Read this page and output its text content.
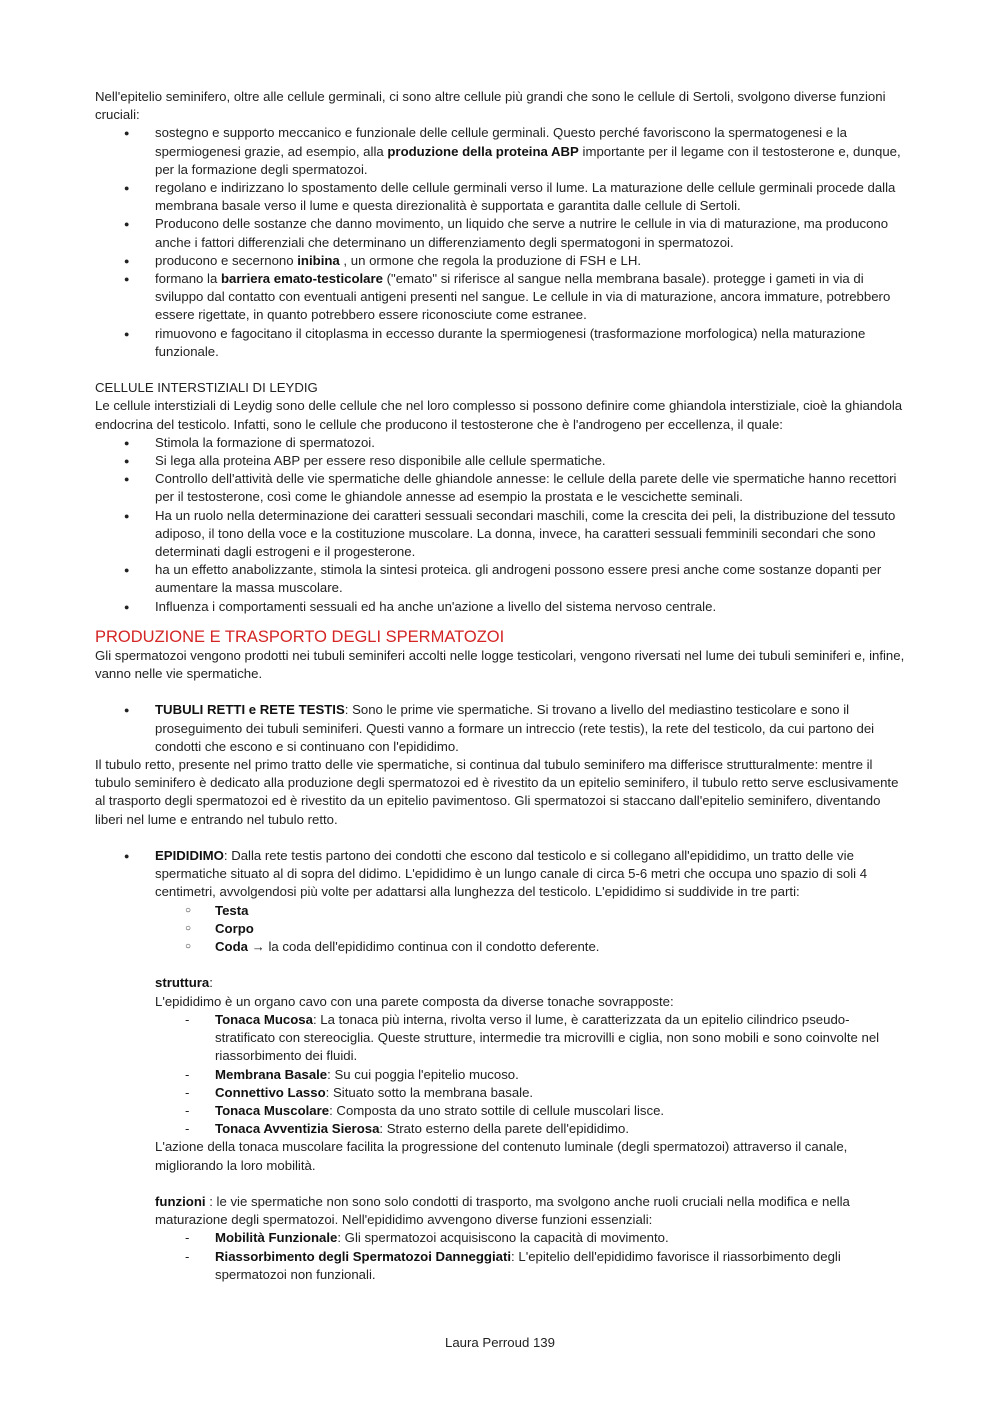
Nell'epitelio seminifero, oltre alle cellule germinali, ci sono altre cellule più grandi che sono le cellule di Sertoli, svolgono diverse funzioni cruciali:

● sostegno e supporto meccanico e funzionale delle cellule germinali. Questo perché favoriscono la spermatogenesi e la spermiogenesi grazie, ad esempio, alla produzione della proteina ABP importante per il legame con il testosterone e, dunque, per la formazione degli spermatozoi.
● regolano e indirizzano lo spostamento delle cellule germinali verso il lume. La maturazione delle cellule germinali procede dalla membrana basale verso il lume e questa direzionalità è supportata e garantita dalle cellule di Sertoli.
● Producono delle sostanze che danno movimento, un liquido che serve a nutrire le cellule in via di maturazione, ma producono anche i fattori differenziali che determinano un differenziamento degli spermatogoni in spermatozoi.
● producono e secernono inibina , un ormone che regola la produzione di FSH e LH.
● formano la barriera emato-testicolare ("emato" si riferisce al sangue nella membrana basale). protegge i gameti in via di sviluppo dal contatto con eventuali antigeni presenti nel sangue. Le cellule in via di maturazione, ancora immature, potrebbero essere rigettate, in quanto potrebbero essere riconosciute come estranee.
● rimuovono e fagocitano il citoplasma in eccesso durante la spermiogenesi (trasformazione morfologica) nella maturazione funzionale.

CELLULE INTERSTIZIALI DI LEYDIG

Le cellule interstiziali di Leydig sono delle cellule che nel loro complesso si possono definire come ghiandola interstiziale, cioè la ghiandola endocrina del testicolo. Infatti, sono le cellule che producono il testosterone che è l'androgeno per eccellenza, il quale:

● Stimola la formazione di spermatozoi.
● Si lega alla proteina ABP per essere reso disponibile alle cellule spermatiche.
● Controllo dell'attività delle vie spermatiche delle ghiandole annesse: le cellule della parete delle vie spermatiche hanno recettori per il testosterone, così come le ghiandole annesse ad esempio la prostata e le vescichette seminali.
● Ha un ruolo nella determinazione dei caratteri sessuali secondari maschili, come la crescita dei peli, la distribuzione del tessuto adiposo, il tono della voce e la costituzione muscolare. La donna, invece, ha caratteri sessuali femminili secondari che sono determinati dagli estrogeni e il progesterone.
● ha un effetto anabolizzante, stimola la sintesi proteica. gli androgeni possono essere presi anche come sostanze dopanti per aumentare la massa muscolare.
● Influenza i comportamenti sessuali ed ha anche un'azione a livello del sistema nervoso centrale.
PRODUZIONE E TRASPORTO DEGLI SPERMATOZOI

Gli spermatozoi vengono prodotti nei tubuli seminiferi accolti nelle logge testicolari, vengono riversati nel lume dei tubuli seminiferi e, infine, vanno nelle vie spermatiche.

● TUBULI RETTI e RETE TESTIS: Sono le prime vie spermatiche. Si trovano a livello del mediastino testicolare e sono il proseguimento dei tubuli seminiferi. Questi vanno a formare un intreccio (rete testis), la rete del testicolo, da cui partono dei condotti che escono e si continuano con l'epididimo.

Il tubulo retto, presente nel primo tratto delle vie spermatiche, si continua dal tubulo seminifero ma differisce strutturalmente: mentre il tubulo seminifero è dedicato alla produzione degli spermatozoi ed è rivestito da un epitelio seminifero, il tubulo retto serve esclusivamente al trasporto degli spermatozoi ed è rivestito da un epitelio pavimentoso. Gli spermatozoi si staccano dall'epitelio seminifero, diventando liberi nel lume e entrando nel tubulo retto.

● EPIDIDIMO: Dalla rete testis partono dei condotti che escono dal testicolo e si collegano all'epididimo, un tratto delle vie spermatiche situato al di sopra del didimo. L'epididimo è un lungo canale di circa 5-6 metri che occupa uno spazio di soli 4 centimetri, avvolgendosi più volte per adattarsi alla lunghezza del testicolo. L'epididimo si suddivide in tre parti:
○ Testa
○ Corpo
○ Coda → la coda dell'epididimo continua con il condotto deferente.

struttura:

L'epididimo è un organo cavo con una parete composta da diverse tonache sovrapposte:

- Tonaca Mucosa: La tonaca più interna, rivolta verso il lume, è caratterizzata da un epitelio cilindrico pseudo-stratificato con stereociglia. Queste strutture, intermedie tra microvilli e ciglia, non sono mobili e sono coinvolte nel riassorbimento dei fluidi.
- Membrana Basale: Su cui poggia l'epitelio mucoso.
- Connettivo Lasso: Situato sotto la membrana basale.
- Tonaca Muscolare: Composta da uno strato sottile di cellule muscolari lisce.
- Tonaca Avventizia Sierosa: Strato esterno della parete dell'epididimo.

L'azione della tonaca muscolare facilita la progressione del contenuto luminale (degli spermatozoi) attraverso il canale, migliorando la loro mobilità.

funzioni : le vie spermatiche non sono solo condotti di trasporto, ma svolgono anche ruoli cruciali nella modifica e nella maturazione degli spermatozoi. Nell'epididimo avvengono diverse funzioni essenziali:

- Mobilità Funzionale: Gli spermatozoi acquisiscono la capacità di movimento.
- Riassorbimento degli Spermatozoi Danneggiati: L'epitelio dell'epididimo favorisce il riassorbimento degli spermatozoi non funzionali.
Laura Perroud 139
